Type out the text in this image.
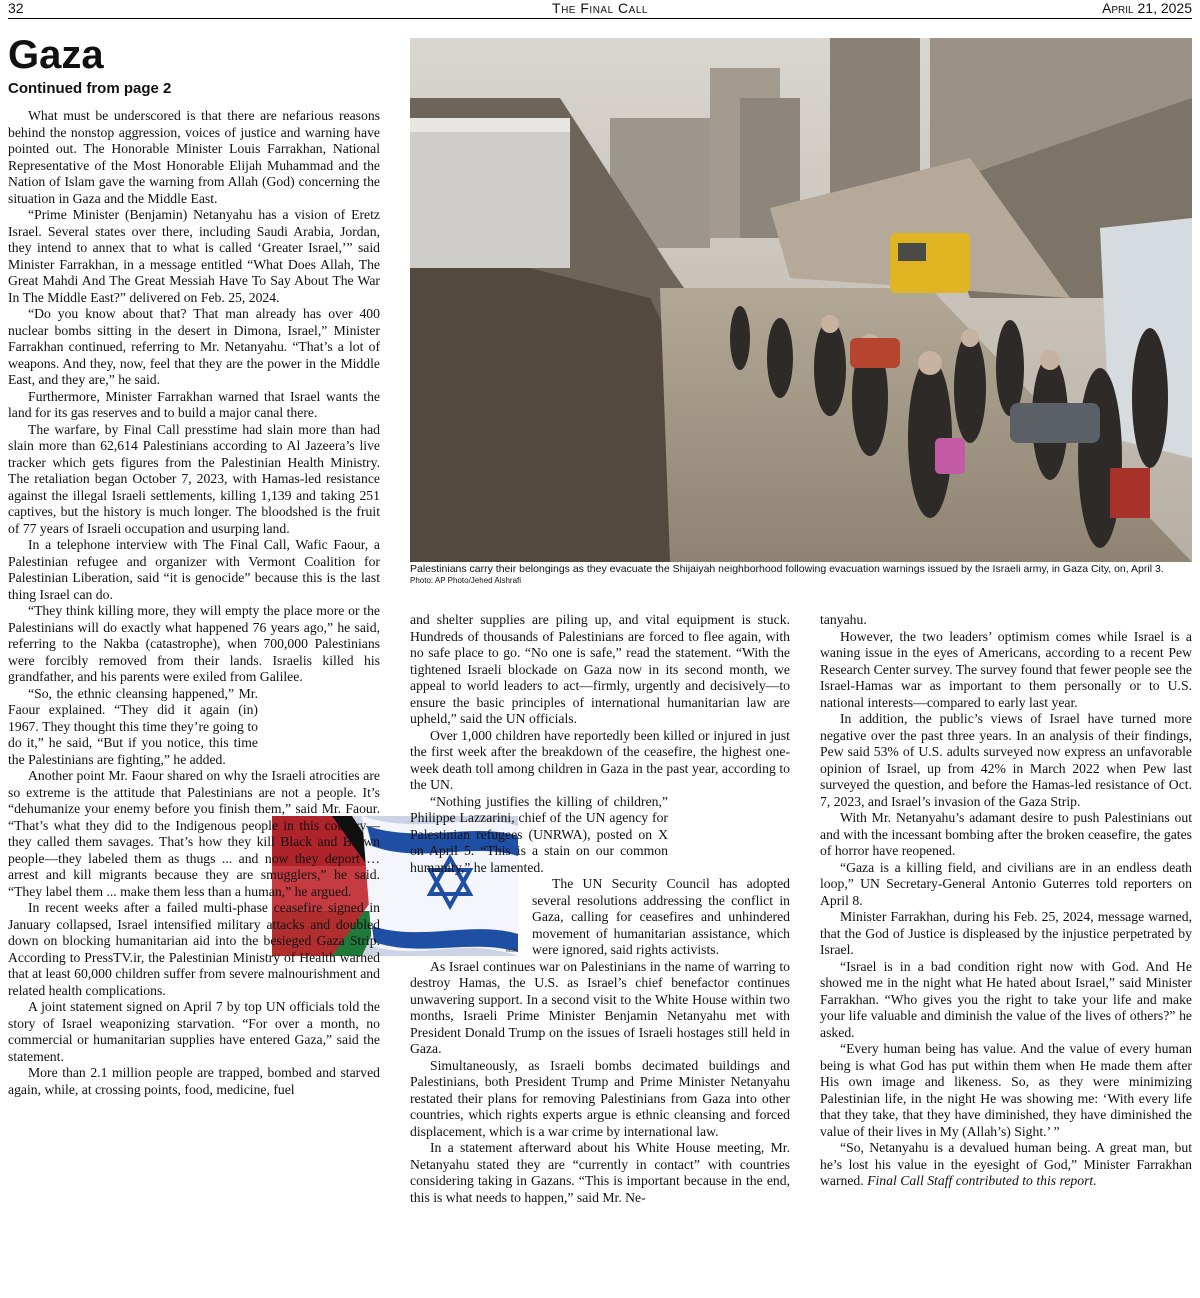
32	The Final Call	April 21, 2025
Gaza
Continued from page 2
Palestinians carry their belongings as they evacuate the Shijaiyah neighborhood following evacuation warnings issued by the Israeli army, in Gaza City, on, April 3.
Photo: AP Photo/Jehed Alshrafi
MGN

What must be underscored is that there are nefarious reasons behind the nonstop aggression, voices of justice and warning have pointed out. The Honorable Minister Louis Farrakhan, National Representative of the Most Honorable Elijah Muhammad and the Nation of Islam gave the warning from Allah (God) concerning the situation in Gaza and the Middle East.

“Prime Minister (Benjamin) Netanyahu has a vision of Eretz Israel. Several states over there, including Saudi Arabia, Jordan, they intend to annex that to what is called ‘Greater Israel,’” said Minister Farrakhan, in a message entitled “What Does Allah, The Great Mahdi And The Great Messiah Have To Say About The War In The Middle East?” delivered on Feb. 25, 2024.

“Do you know about that? That man already has over 400 nuclear bombs sitting in the desert in Dimona, Israel,” Minister Farrakhan continued, referring to Mr. Netanyahu. “That’s a lot of weapons. And they, now, feel that they are the power in the Middle East, and they are,” he said.

Furthermore, Minister Farrakhan warned that Israel wants the land for its gas reserves and to build a major canal there.

The warfare, by Final Call presstime had slain more than had slain more than 62,614 Palestinians according to Al Jazeera’s live tracker which gets figures from the Palestinian Health Ministry. The retaliation began October 7, 2023, with Hamas-led resistance against the illegal Israeli settlements, killing 1,139 and taking 251 captives, but the history is much longer. The bloodshed is the fruit of 77 years of Israeli occupation and usurping land.

In a telephone interview with The Final Call, Wafic Faour, a Palestinian refugee and organizer with Vermont Coalition for Palestinian Liberation, said “it is genocide” because this is the last thing Israel can do.

“They think killing more, they will empty the place more or the Palestinians will do exactly what happened 76 years ago,” he said, referring to the Nakba (catastrophe), when 700,000 Palestinians were forcibly removed from their lands. Israelis killed his grandfather, and his parents were exiled from Galilee.

“So, the ethnic cleansing happened,” Mr. Faour explained. “They did it again (in) 1967. They thought this time they’re going to do it,” he said, “But if you notice, this time the Palestinians are fighting,” he added.

Another point Mr. Faour shared on why the Israeli atrocities are so extreme is the attitude that Palestinians are not a people. It’s “dehumanize your enemy before you finish them,” said Mr. Faour. “That’s what they did to the Indigenous people in this country—they called them savages. That’s how they kill Black and Brown people—they labeled them as thugs ... and now they deport … arrest and kill migrants because they are smugglers,” he said. “They label them ... make them less than a human,” he argued.

In recent weeks after a failed multi-phase ceasefire signed in January collapsed, Israel intensified military attacks and doubled down on blocking humanitarian aid into the besieged Gaza Strip. According to PressTV.ir, the Palestinian Ministry of Health warned that at least 60,000 children suffer from severe malnourishment and related health complications.

A joint statement signed on April 7 by top UN officials told the story of Israel weaponizing starvation. “For over a month, no commercial or humanitarian supplies have entered Gaza,” said the statement.

More than 2.1 million people are trapped, bombed and starved again, while, at crossing points, food, medicine, fuel

and shelter supplies are piling up, and vital equipment is stuck. Hundreds of thousands of Palestinians are forced to flee again, with no safe place to go. “No one is safe,” read the statement. “With the tightened Israeli blockade on Gaza now in its second month, we appeal to world leaders to act—firmly, urgently and decisively—to ensure the basic principles of international humanitarian law are upheld,” said the UN officials.

Over 1,000 children have reportedly been killed or injured in just the first week after the breakdown of the ceasefire, the highest one-week death toll among children in Gaza in the past year, according to the UN.

“Nothing justifies the killing of children,” Philippe Lazzarini, chief of the UN agency for Palestinian refugees (UNRWA), posted on X on April 5. “This is a stain on our common humanity,” he lamented.

The UN Security Council has adopted several resolutions addressing the conflict in Gaza, calling for ceasefires and unhindered movement of humanitarian assistance, which were ignored, said rights activists.

As Israel continues war on Palestinians in the name of warring to destroy Hamas, the U.S. as Israel’s chief benefactor continues unwavering support. In a second visit to the White House within two months, Israeli Prime Minister Benjamin Netanyahu met with President Donald Trump on the issues of Israeli hostages still held in Gaza.

Simultaneously, as Israeli bombs decimated buildings and Palestinians, both President Trump and Prime Minister Netanyahu restated their plans for removing Palestinians from Gaza into other countries, which rights experts argue is ethnic cleansing and forced displacement, which is a war crime by international law.

In a statement afterward about his White House meeting, Mr. Netanyahu stated they are “currently in contact” with countries considering taking in Gazans. “This is important because in the end, this is what needs to happen,” said Mr. Ne-

tanyahu.

However, the two leaders’ optimism comes while Israel is a waning issue in the eyes of Americans, according to a recent Pew Research Center survey. The survey found that fewer people see the Israel-Hamas war as important to them personally or to U.S. national interests—compared to early last year.

In addition, the public’s views of Israel have turned more negative over the past three years. In an analysis of their findings, Pew said 53% of U.S. adults surveyed now express an unfavorable opinion of Israel, up from 42% in March 2022 when Pew last surveyed the question, and before the Hamas-led resistance of Oct. 7, 2023, and Israel’s invasion of the Gaza Strip.

With Mr. Netanyahu’s adamant desire to push Palestinians out and with the incessant bombing after the broken ceasefire, the gates of horror have reopened.

“Gaza is a killing field, and civilians are in an endless death loop,” UN Secretary-General Antonio Guterres told reporters on April 8.

Minister Farrakhan, during his Feb. 25, 2024, message warned, that the God of Justice is displeased by the injustice perpetrated by Israel.

“Israel is in a bad condition right now with God. And He showed me in the night what He hated about Israel,” said Minister Farrakhan. “Who gives you the right to take your life and make your life valuable and diminish the value of the lives of others?” he asked.

“Every human being has value. And the value of every human being is what God has put within them when He made them after His own image and likeness. So, as they were minimizing Palestinian life, in the night He was showing me: ‘With every life that they take, that they have diminished, they have diminished the value of their lives in My (Allah’s) Sight.’ ”

“So, Netanyahu is a devalued human being. A great man, but he’s lost his value in the eyesight of God,” Minister Farrakhan warned. Final Call Staff contributed to this report.
